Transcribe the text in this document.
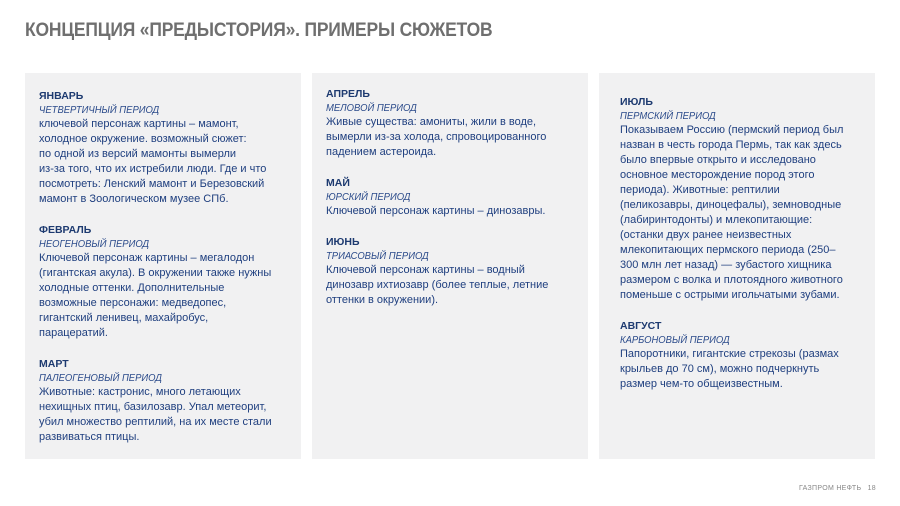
КОНЦЕПЦИЯ «ПРЕДЫСТОРИЯ». ПРИМЕРЫ СЮЖЕТОВ
ЯНВАРЬ
ЧЕТВЕРТИЧНЫЙ ПЕРИОД
ключевой персонаж картины – мамонт,
холодное окружение. возможный сюжет:
по одной из версий мамонты вымерли
из-за того, что их истребили люди. Где и что
посмотреть: Ленский мамонт и Березовский
мамонт в Зоологическом музее СПб.
ФЕВРАЛЬ
НЕОГЕНОВЫЙ ПЕРИОД
Ключевой персонаж картины – мегалодон
(гигантская акула). В окружении также нужны
холодные оттенки. Дополнительные
возможные персонажи: медведопес,
гигантский ленивец, махайробус,
парацератий.
МАРТ
ПАЛЕОГЕНОВЫЙ ПЕРИОД
Животные: кастронис, много летающих
нехищных птиц, базилозавр. Упал метеорит,
убил множество рептилий, на их месте стали
развиваться птицы.
АПРЕЛЬ
МЕЛОВОЙ ПЕРИОД
Живые существа: амониты, жили в воде,
вымерли из-за холода, спровоцированного
падением астероида.
МАЙ
ЮРСКИЙ ПЕРИОД
Ключевой персонаж картины – динозавры.
ИЮНЬ
ТРИАСОВЫЙ ПЕРИОД
Ключевой персонаж картины – водный
динозавр ихтиозавр (более теплые, летние
оттенки в окружении).
ИЮЛЬ
ПЕРМСКИЙ ПЕРИОД
Показываем Россию (пермский период был
назван в честь города Пермь, так как здесь
было впервые открыто и исследовано
основное месторождение пород этого
периода). Животные: рептилии
(пеликозавры, диноцефалы), земноводные
(лабиринтодонты) и млекопитающие:
(останки двух ранее неизвестных
млекопитающих пермского периода (250–
300 млн лет назад) — зубастого хищника
размером с волка и плотоядного животного
поменьше с острыми игольчатыми зубами.
АВГУСТ
КАРБОНОВЫЙ ПЕРИОД
Папоротники, гигантские стрекозы (размах
крыльев до 70 см), можно подчеркнуть
размер чем-то общеизвестным.
ГАЗПРОМ НЕФТЬ 18
